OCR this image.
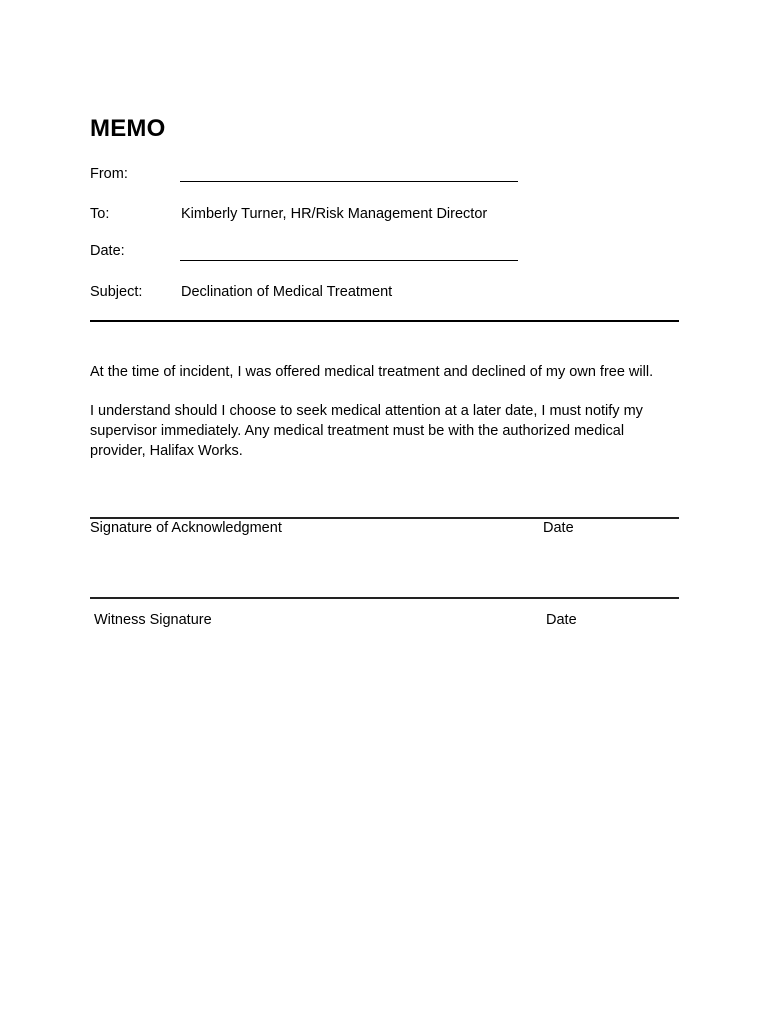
MEMO
From:
To:	Kimberly Turner, HR/Risk Management Director
Date:
Subject:	Declination of Medical Treatment
At the time of incident, I was offered medical treatment and declined of my own free will.
I understand should I choose to seek medical attention at a later date, I must notify my supervisor immediately. Any medical treatment must be with the authorized medical provider, Halifax Works.
Signature of Acknowledgment	Date
Witness Signature	Date
